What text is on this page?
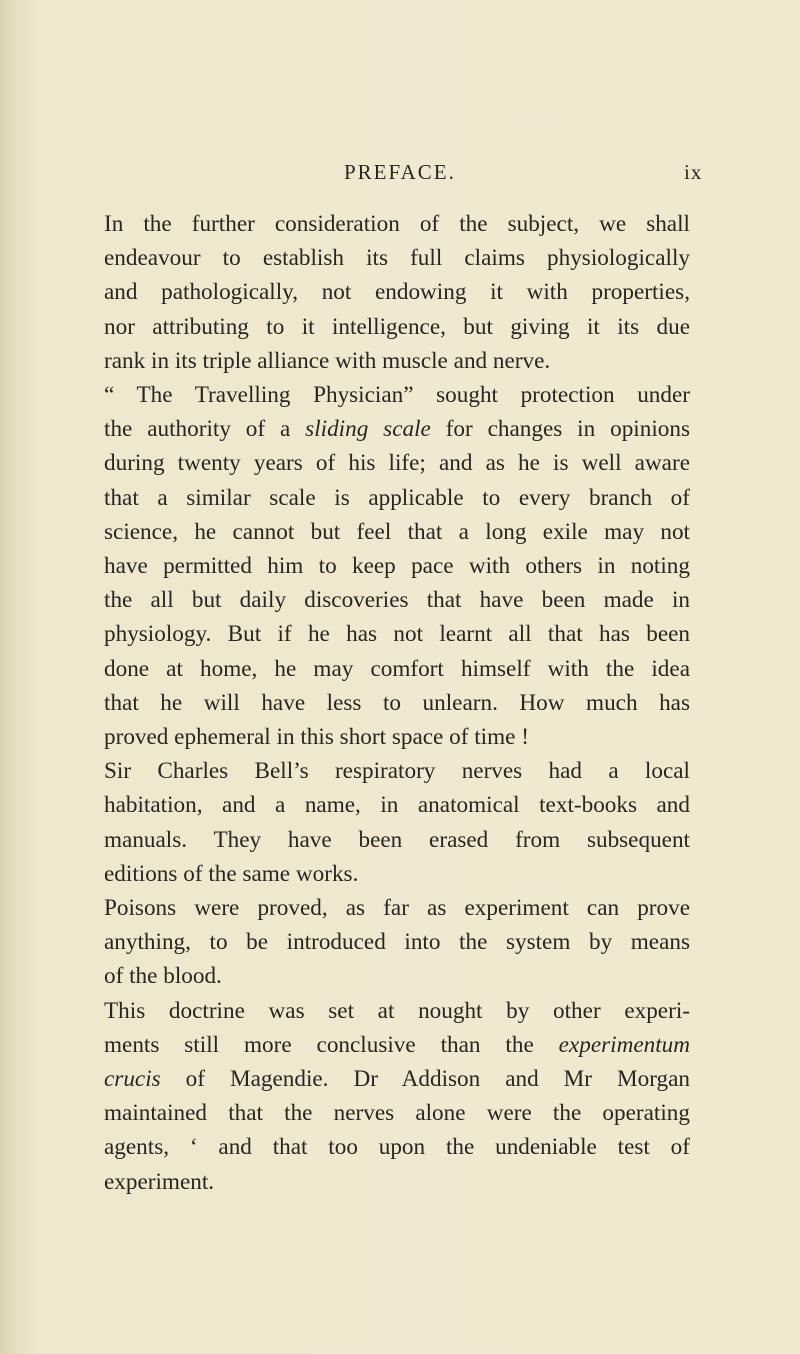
PREFACE.	ix
In the further consideration of the subject, we shall
endeavour to establish its full claims physiologically
and pathologically, not endowing it with properties,
nor attributing to it intelligence, but giving it its due
rank in its triple alliance with muscle and nerve.
“ The Travelling Physician” sought protection under
the authority of a sliding scale for changes in opinions
during twenty years of his life; and as he is well aware
that a similar scale is applicable to every branch of
science, he cannot but feel that a long exile may not
have permitted him to keep pace with others in noting
the all but daily discoveries that have been made in
physiology. But if he has not learnt all that has been
done at home, he may comfort himself with the idea
that he will have less to unlearn. How much has
proved ephemeral in this short space of time !
Sir Charles Bell’s respiratory nerves had a local
habitation, and a name, in anatomical text-books and
manuals. They have been erased from subsequent
editions of the same works.
Poisons were proved, as far as experiment can prove
anything, to be introduced into the system by means
of the blood.
This doctrine was set at nought by other experi-
ments still more conclusive than the experimentum
crucis of Magendie. Dr Addison and Mr Morgan
maintained that the nerves alone were the operating
agents, ‘ and that too upon the undeniable test of
experiment.
